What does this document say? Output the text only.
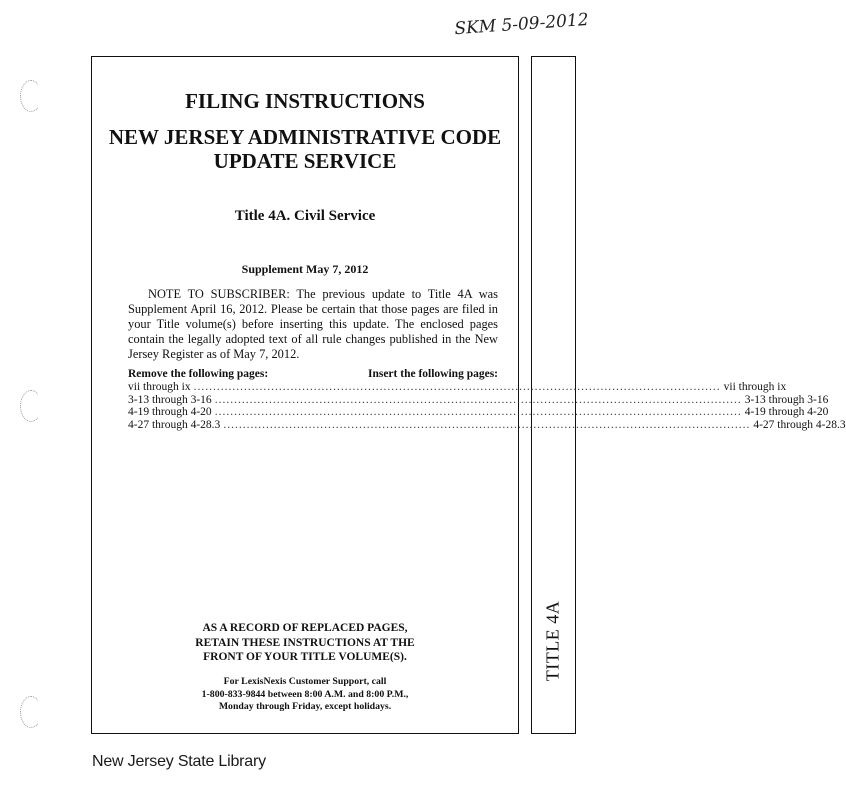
SKM 5-09-2012
TITLE 4A
FILING INSTRUCTIONS
NEW JERSEY ADMINISTRATIVE CODE
UPDATE SERVICE
Title 4A. Civil Service
Supplement May 7, 2012
NOTE TO SUBSCRIBER: The previous update to Title 4A was Supplement April 16, 2012. Please be certain that those pages are filed in your Title volume(s) before inserting this update. The enclosed pages contain the legally adopted text of all rule changes published in the New Jersey Register as of May 7, 2012.
Remove the following pages:	Insert the following pages:
vii through ix ........................................................................................................................................ vii through ix
3-13 through 3-16 ........................................................................................................................................ 3-13 through 3-16
4-19 through 4-20 ........................................................................................................................................ 4-19 through 4-20
4-27 through 4-28.3 ........................................................................................................................................ 4-27 through 4-28.3
AS A RECORD OF REPLACED PAGES,
RETAIN THESE INSTRUCTIONS AT THE
FRONT OF YOUR TITLE VOLUME(S).
For LexisNexis Customer Support, call
1-800-833-9844 between 8:00 A.M. and 8:00 P.M.,
Monday through Friday, except holidays.
New Jersey State Library
